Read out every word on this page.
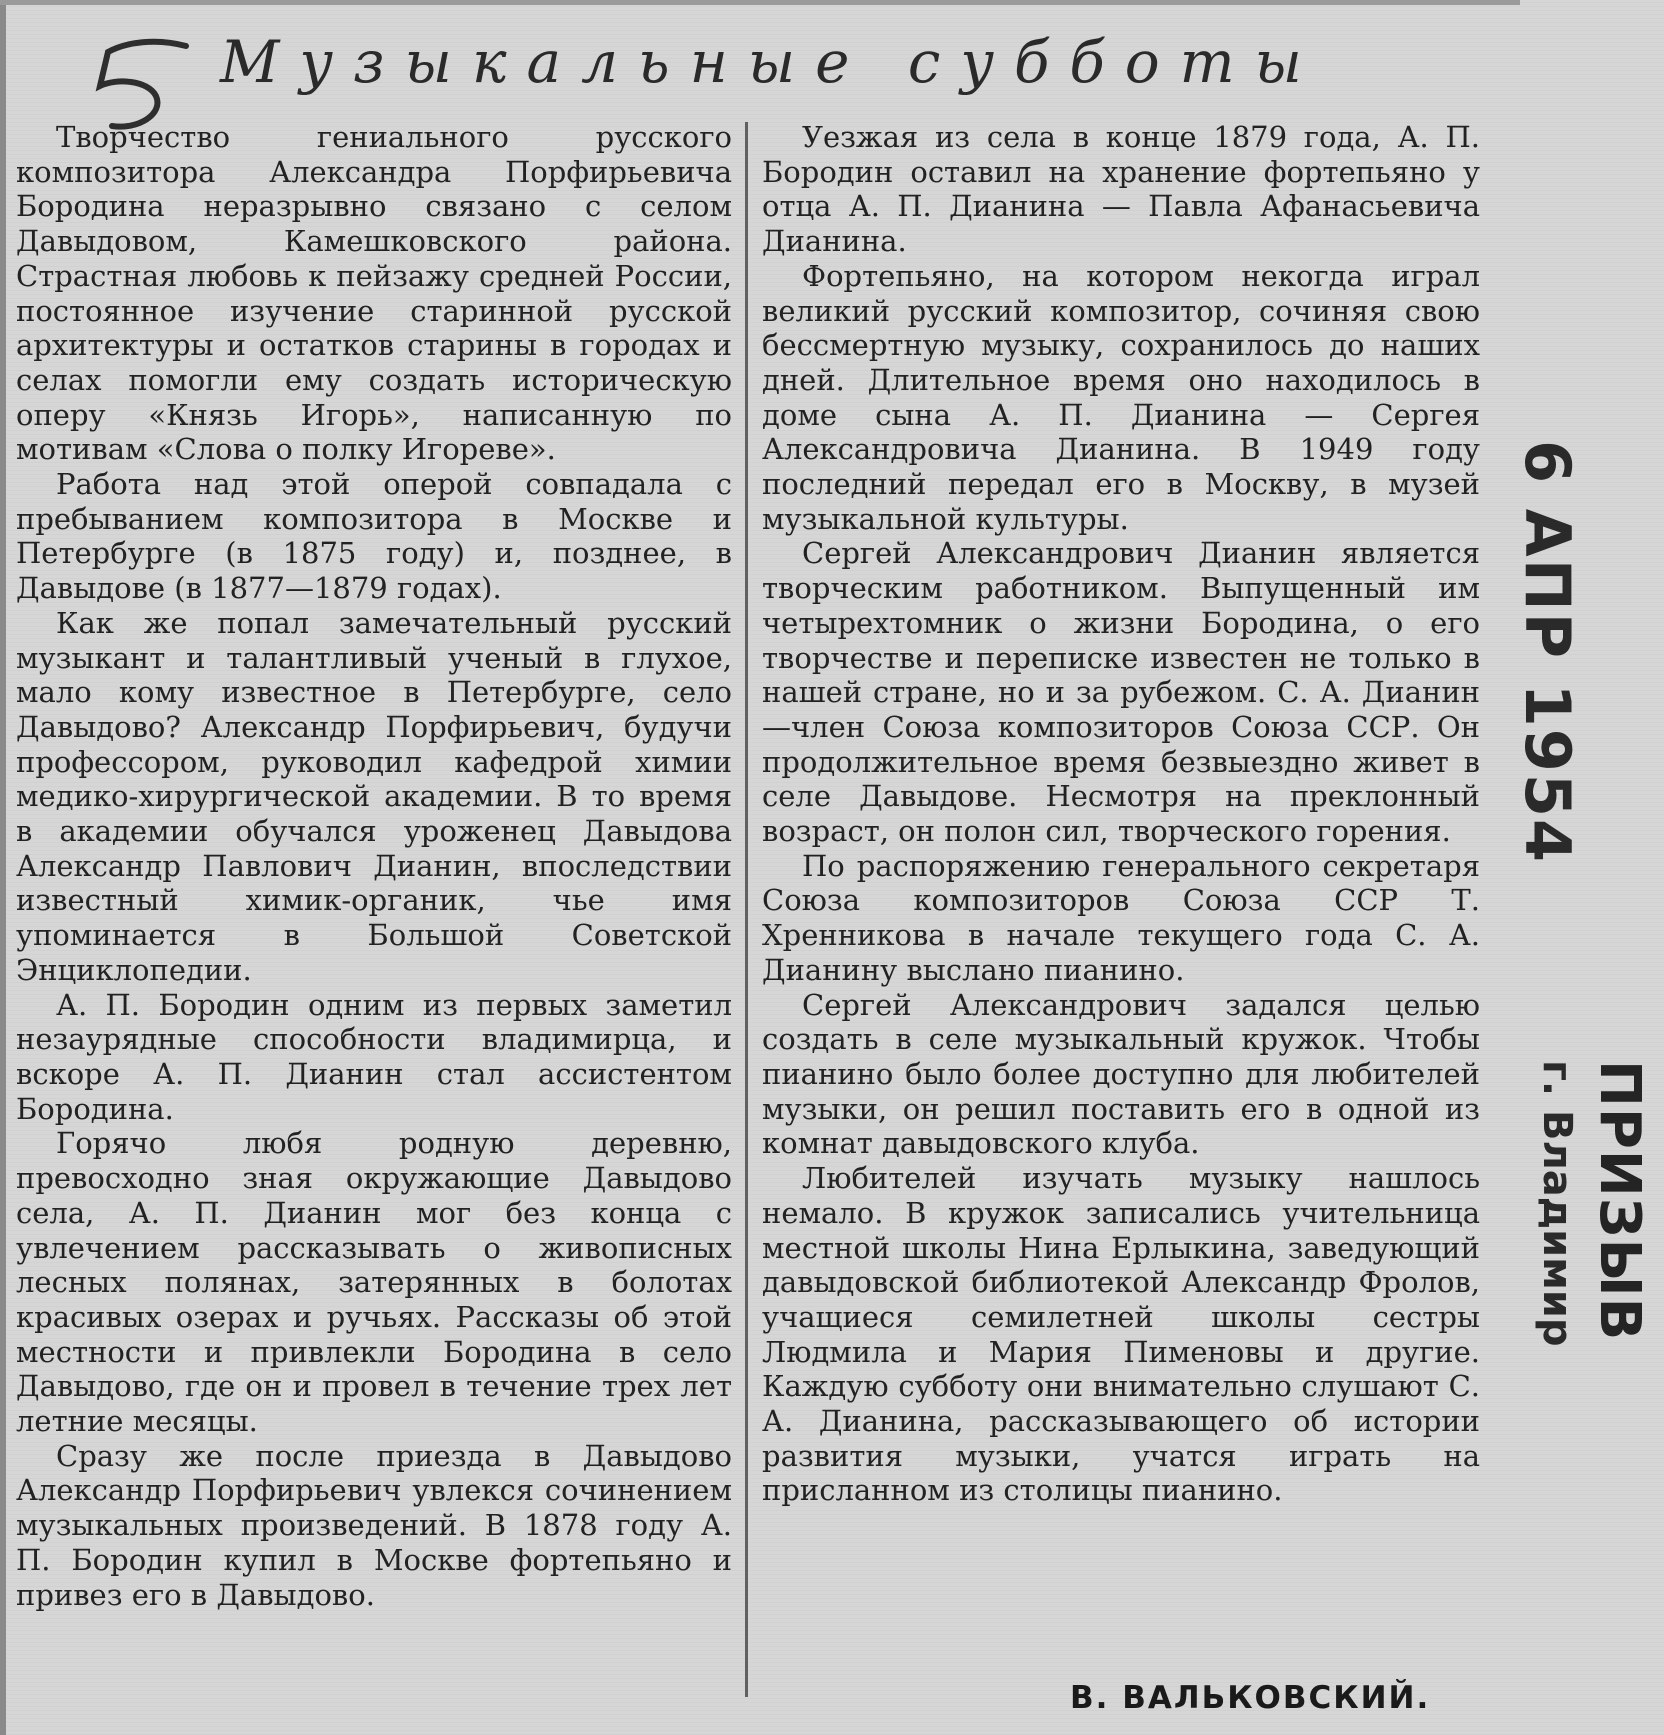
Музыкальные субботы

Творчество гениального русского композитора Александра Порфирьевича Бородина неразрывно связано с селом Давыдовом, Камешковского района. Страстная любовь к пейзажу средней России, постоянное изучение старинной русской архитектуры и остатков старины в городах и селах помогли ему создать историческую оперу «Князь Игорь», написанную по мотивам «Слова о полку Игореве».

Работа над этой оперой совпадала с пребыванием композитора в Москве и Петербурге (в 1875 году) и, позднее, в Давыдове (в 1877—1879 годах).

Как же попал замечательный русский музыкант и талантливый ученый в глухое, мало кому известное в Петербурге, село Давыдово? Александр Порфирьевич, будучи профессором, руководил кафедрой химии медико-хирургической академии. В то время в академии обучался уроженец Давыдова Александр Павлович Дианин, впоследствии известный химик-органик, чье имя упоминается в Большой Советской Энциклопедии.

А. П. Бородин одним из первых заметил незаурядные способности владимирца, и вскоре А. П. Дианин стал ассистентом Бородина.

Горячо любя родную деревню, превосходно зная окружающие Давыдово села, А. П. Дианин мог без конца с увлечением рассказывать о живописных лесных полянах, затерянных в болотах красивых озерах и ручьях. Рассказы об этой местности и привлекли Бородина в село Давыдово, где он и провел в течение трех лет летние месяцы.

Сразу же после приезда в Давыдово Александр Порфирьевич увлекся сочинением музыкальных произведений. В 1878 году А. П. Бородин купил в Москве фортепьяно и привез его в Давыдово.

Уезжая из села в конце 1879 года, А. П. Бородин оставил на хранение фортепьяно у отца А. П. Дианина — Павла Афанасьевича Дианина.

Фортепьяно, на котором некогда играл великий русский композитор, сочиняя свою бессмертную музыку, сохранилось до наших дней. Длительное время оно находилось в доме сына А. П. Дианина — Сергея Александровича Дианина. В 1949 году последний передал его в Москву, в музей музыкальной культуры.

Сергей Александрович Дианин является творческим работником. Выпущенный им четырехтомник о жизни Бородина, о его творчестве и переписке известен не только в нашей стране, но и за рубежом. С. А. Дианин—член Союза композиторов Союза ССР. Он продолжительное время безвыездно живет в селе Давыдове. Несмотря на преклонный возраст, он полон сил, творческого горения.

По распоряжению генерального секретаря Союза композиторов Союза ССР Т. Хренникова в начале текущего года С. А. Дианину выслано пианино.

Сергей Александрович задался целью создать в селе музыкальный кружок. Чтобы пианино было более доступно для любителей музыки, он решил поставить его в одной из комнат давыдовского клуба.

Любителей изучать музыку нашлось немало. В кружок записались учительница местной школы Нина Ерлыкина, заведующий давыдовской библиотекой Александр Фролов, учащиеся семилетней школы сестры Людмила и Мария Пименовы и другие. Каждую субботу они внимательно слушают С. А. Дианина, рассказывающего об истории развития музыки, учатся играть на присланном из столицы пианино.

В. ВАЛЬКОВСКИЙ.
6 АПР 1954
ПРИЗЫВ
г. Владимир
